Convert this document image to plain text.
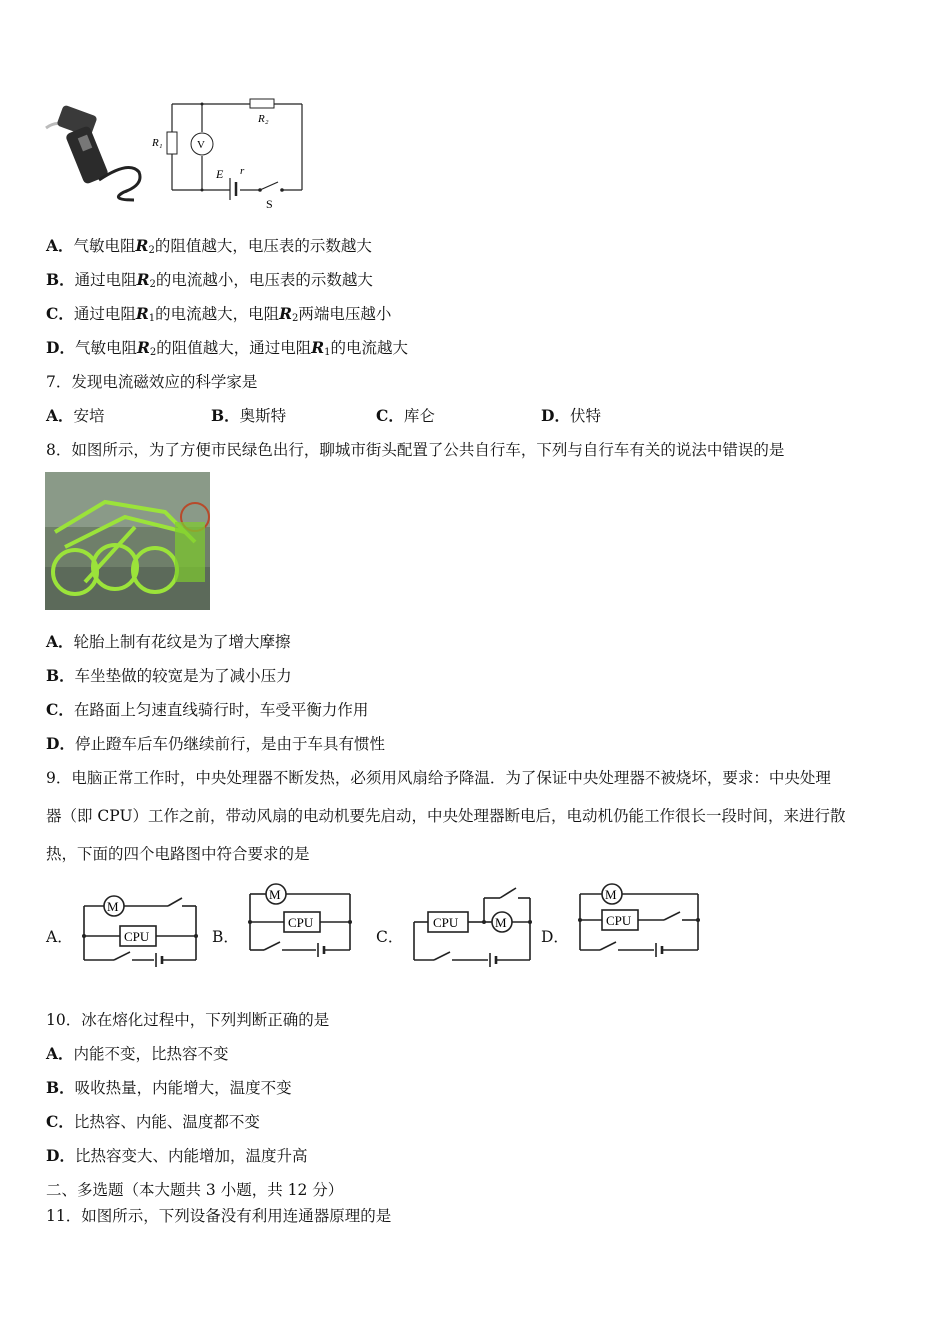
R₂
R₁	V
E r
S
A．气敏电阻$R_2$的阻值越大，电压表的示数越大
B．通过电阻$R_2$的电流越小，电压表的示数越大
C．通过电阻$R_1$的电流越大，电阻$R_2$两端电压越小
D．气敏电阻$R_2$的阻值越大，通过电阻$R_1$的电流越大
7．发现电流磁效应的科学家是
A．安培	B．奥斯特	C．库仑	D．伏特
8．如图所示，为了方便市民绿色出行，聊城市街头配置了公共自行车，下列与自行车有关的说法中错误的是
A．轮胎上制有花纹是为了增大摩擦
B．车坐垫做的较宽是为了减小压力
C．在路面上匀速直线骑行时，车受平衡力作用
D．停止蹬车后车仍继续前行，是由于车具有惯性
9．电脑正常工作时，中央处理器不断发热，必须用风扇给予降温．为了保证中央处理器不被烧坏，要求：中央处理
器（即 CPU）工作之前，带动风扇的电动机要先启动，中央处理器断电后，电动机仍能工作很长一段时间，来进行散
热，下面的四个电路图中符合要求的是
A．
M
CPU	B．
M
CPU
C．
CPU	M
D．
M
CPU
10．冰在熔化过程中，下列判断正确的是
A．内能不变，比热容不变
B．吸收热量，内能增大，温度不变
C．比热容、内能、温度都不变
D．比热容变大、内能增加，温度升高
二、多选题（本大题共 3 小题，共 12 分）
11．如图所示，下列设备没有利用连通器原理的是
